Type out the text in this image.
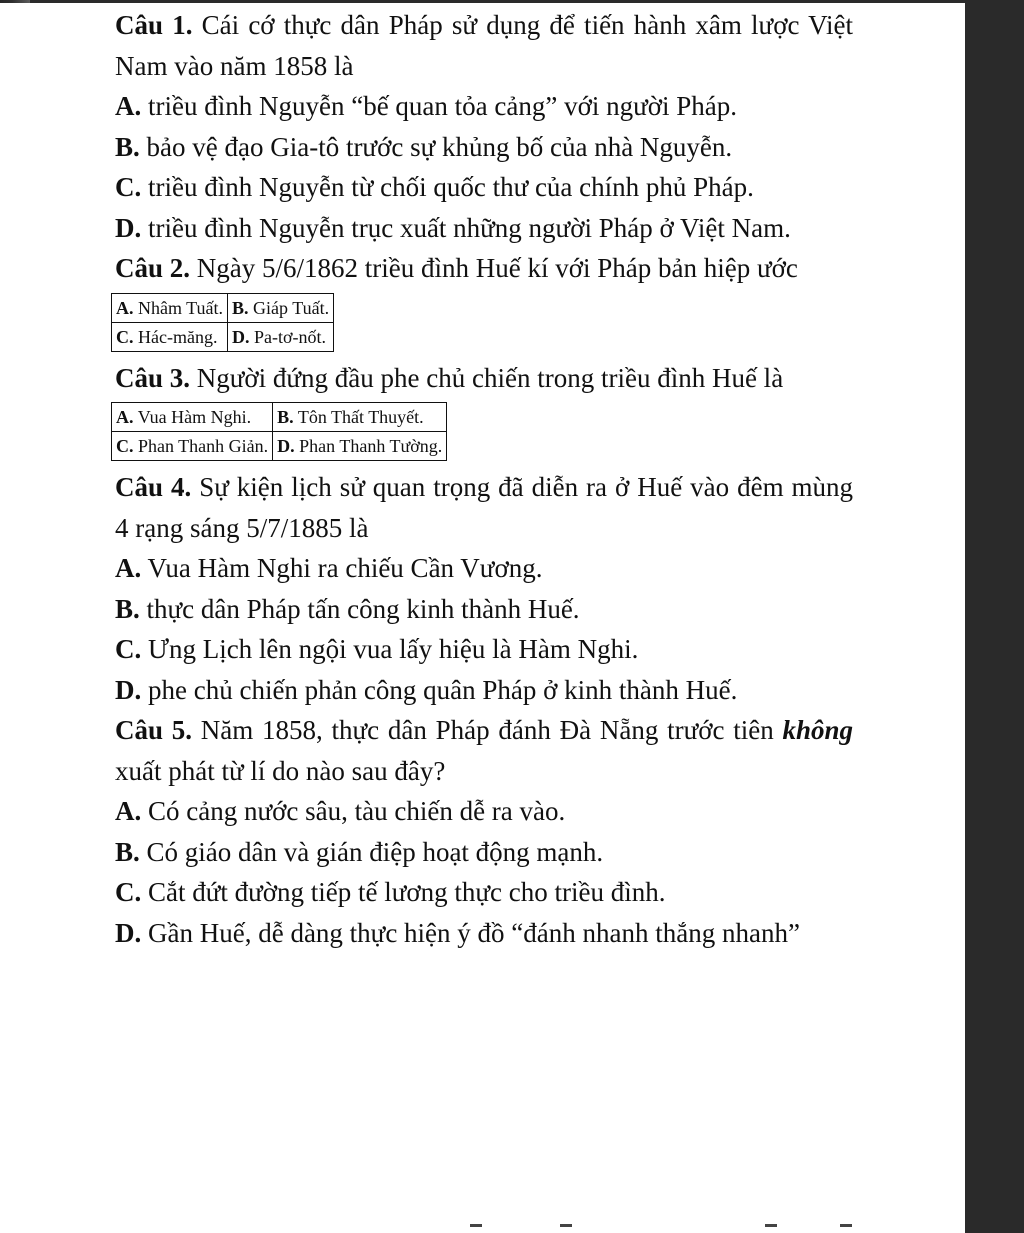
Câu 1. Cái cớ thực dân Pháp sử dụng để tiến hành xâm lược Việt Nam vào năm 1858 là

A. triều đình Nguyễn “bế quan tỏa cảng” với người Pháp.

B. bảo vệ đạo Gia-tô trước sự khủng bố của nhà Nguyễn.

C. triều đình Nguyễn từ chối quốc thư của chính phủ Pháp.

D. triều đình Nguyễn trục xuất những người Pháp ở Việt Nam.

Câu 2. Ngày 5/6/1862 triều đình Huế kí với Pháp bản hiệp ước

A. Nhâm Tuất.	B. Giáp Tuất.
C. Hác-măng.	D. Pa-tơ-nốt.

Câu 3. Người đứng đầu phe chủ chiến trong triều đình Huế là

A. Vua Hàm Nghi.	B. Tôn Thất Thuyết.
C. Phan Thanh Giản.	D. Phan Thanh Tường.

Câu 4. Sự kiện lịch sử quan trọng đã diễn ra ở Huế vào đêm mùng 4 rạng sáng 5/7/1885 là

A. Vua Hàm Nghi ra chiếu Cần Vương.

B. thực dân Pháp tấn công kinh thành Huế.

C. Ưng Lịch lên ngội vua lấy hiệu là Hàm Nghi.

D. phe chủ chiến phản công quân Pháp ở kinh thành Huế.

Câu 5. Năm 1858, thực dân Pháp đánh Đà Nẵng trước tiên không xuất phát từ lí do nào sau đây?

A. Có cảng nước sâu, tàu chiến dễ ra vào.

B. Có giáo dân và gián điệp hoạt động mạnh.

C. Cắt đứt đường tiếp tế lương thực cho triều đình.

D. Gần Huế, dễ dàng thực hiện ý đồ “đánh nhanh thắng nhanh”
